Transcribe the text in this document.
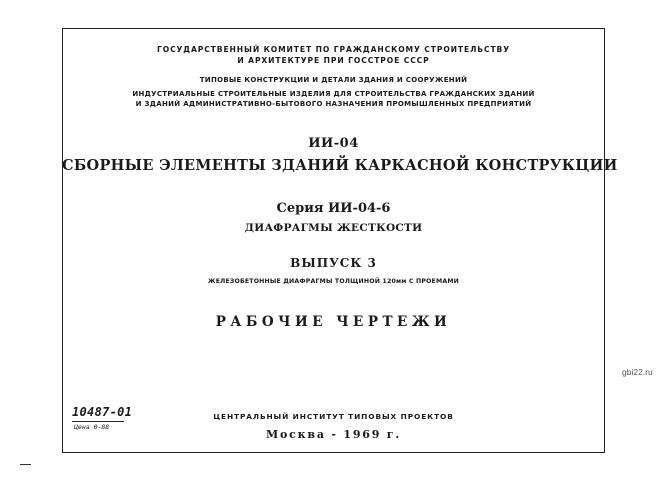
ГОСУДАРСТВЕННЫЙ КОМИТЕТ ПО ГРАЖДАНСКОМУ СТРОИТЕЛЬСТВУ
И АРХИТЕКТУРЕ ПРИ ГОССТРОЕ СССР
ТИПОВЫЕ КОНСТРУКЦИИ И ДЕТАЛИ ЗДАНИЯ И СООРУЖЕНИЙ
ИНДУСТРИАЛЬНЫЕ СТРОИТЕЛЬНЫЕ ИЗДЕЛИЯ ДЛЯ СТРОИТЕЛЬСТВА ГРАЖДАНСКИХ ЗДАНИЙ
И ЗДАНИЙ АДМИНИСТРАТИВНО-БЫТОВОГО НАЗНАЧЕНИЯ ПРОМЫШЛЕННЫХ ПРЕДПРИЯТИЙ
ИИ-04
СБОРНЫЕ ЭЛЕМЕНТЫ ЗДАНИЙ КАРКАСНОЙ КОНСТРУКЦИИ
Серия ИИ-04-6
ДИАФРАГМЫ ЖЕСТКОСТИ
ВЫПУСК 3
ЖЕЛЕЗОБЕТОННЫЕ ДИАФРАГМЫ ТОЛЩИНОЙ 120мм С ПРОЕМАМИ
РАБОЧИЕ ЧЕРТЕЖИ
10487-01
Цена 0-88
ЦЕНТРАЛЬНЫЙ ИНСТИТУТ ТИПОВЫХ ПРОЕКТОВ
Москва - 1969 г.
gbi22.ru
